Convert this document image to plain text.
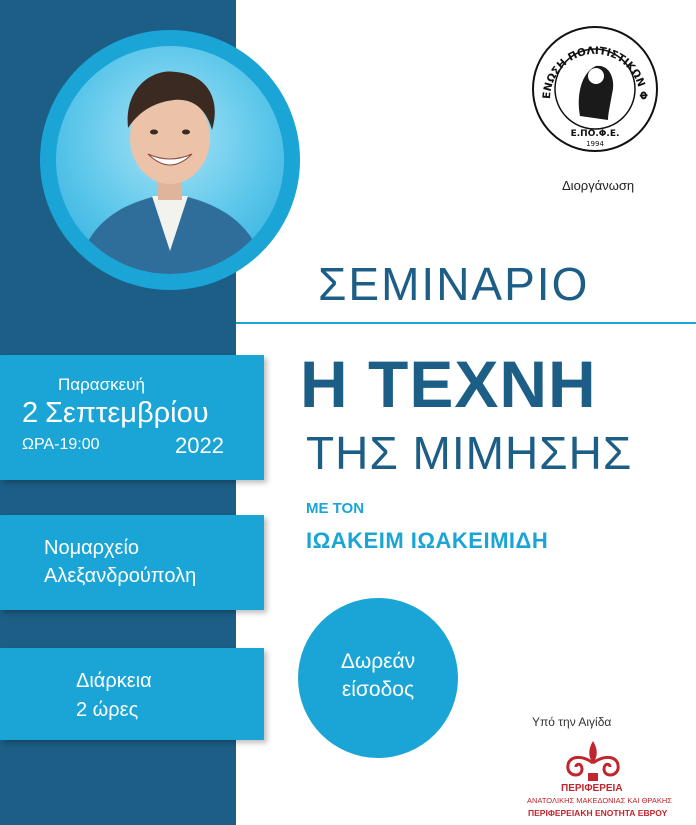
ΕΝΩΣΗ ΠΟΛΙΤΙΣΤΙΚΩΝ Φ
Ε.ΠΟ.Φ.Ε.
1994
Διοργάνωση
ΣΕΜΙΝΑΡΙΟ
Η ΤΕΧΝΗ
ΤΗΣ ΜΙΜΗΣΗΣ
ΜΕ ΤΟΝ
ΙΩΑΚΕΙΜ ΙΩΑΚΕΙΜΙΔΗ
Παρασκευή
2 Σεπτεμβρίου
ΩΡΑ-19:00	2022
Νομαρχείο
Αλεξανδρούπολη
Διάρκεια
2 ώρες
Δωρεάν
είσοδος
Υπό την Αιγίδα
ΠΕΡΙΦΕΡΕΙΑ
ΑΝΑΤΟΛΙΚΗΣ ΜΑΚΕΔΟΝΙΑΣ ΚΑΙ ΘΡΑΚΗΣ
ΠΕΡΙΦΕΡΕΙΑΚΗ ΕΝΟΤΗΤΑ ΕΒΡΟΥ
